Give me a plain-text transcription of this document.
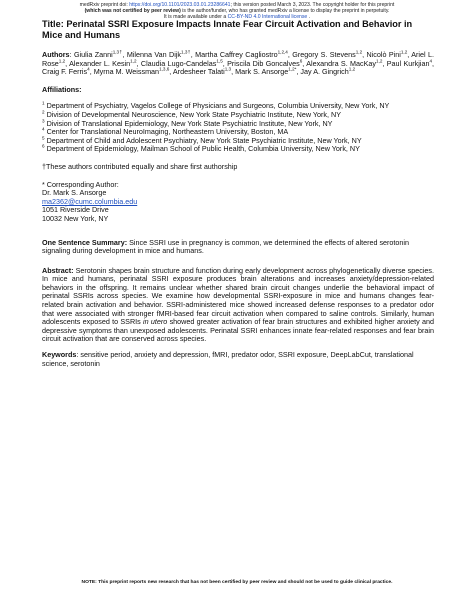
medRxiv preprint doi: https://doi.org/10.1101/2023.03.01.23286641; this version posted March 3, 2023. The copyright holder for this preprint
(which was not certified by peer review) is the author/funder, who has granted medRxiv a license to display the preprint in perpetuity.
It is made available under a CC-BY-ND 4.0 International license .

Title: Perinatal SSRI Exposure Impacts Innate Fear Circuit Activation and Behavior in Mice and Humans

Authors: Giulia Zanni$^{1,3\dagger}$, Milenna Van Dijk$^{1,3\dagger}$, Martha Caffrey Cagliostro$^{1,2,4}$, Gregory S. Stevens$^{1,2}$, Nicolò Pini$^{1,2}$, Ariel L. Rose$^{1,2}$, Alexander L. Kesin$^{1,2}$, Claudia Lugo-Candelas$^{1,5}$, Priscila Dib Goncalves$^6$, Alexandra S. MacKay$^{1,2}$, Paul Kurkjian$^4$, Craig F. Ferris$^4$, Myrna M. Weissman$^{1,3,6}$, Ardesheer Talati$^{1,3}$, Mark S. Ansorge$^{1,2*}$, Jay A. Gingrich$^{1,2}$

Affiliations:
$^1$ Department of Psychiatry, Vagelos College of Physicians and Surgeons, Columbia University, New York, NY
$^2$ Division of Developmental Neuroscience, New York State Psychiatric Institute, New York, NY
$^3$ Division of Translational Epidemiology, New York State Psychiatric Institute, New York, NY
$^4$ Center for Translational NeuroImaging, Northeastern University, Boston, MA
$^5$ Department of Child and Adolescent Psychiatry, New York State Psychiatric Institute, New York, NY
$^6$ Department of Epidemiology, Mailman School of Public Health, Columbia University, New York, NY

†These authors contributed equally and share first authorship

* Corresponding Author:
Dr. Mark S. Ansorge
ma2362@cumc.columbia.edu
1051 Riverside Drive
10032 New York, NY

One Sentence Summary: Since SSRI use in pregnancy is common, we determined the effects of altered serotonin signaling during development in mice and humans.

Abstract: Serotonin shapes brain structure and function during early development across phylogenetically diverse species. In mice and humans, perinatal SSRI exposure produces brain alterations and increases anxiety/depression-related behaviors in the offspring. It remains unclear whether shared brain circuit changes underlie the behavioral impact of perinatal SSRIs across species. We examine how developmental SSRI-exposure in mice and humans changes fear-related brain activation and behavior. SSRI-administered mice showed increased defense responses to a predator odor that were associated with stronger fMRI-based fear circuit activation when compared to saline controls. Similarly, human adolescents exposed to SSRIs in utero showed greater activation of fear brain structures and exhibited higher anxiety and depressive symptoms than unexposed adolescents. Perinatal SSRI enhances innate fear-related responses and fear brain circuit activation that are conserved across species.

Keywords: sensitive period, anxiety and depression, fMRI, predator odor, SSRI exposure, DeepLabCut, translational science, serotonin

NOTE: This preprint reports new research that has not been certified by peer review and should not be used to guide clinical practice.
